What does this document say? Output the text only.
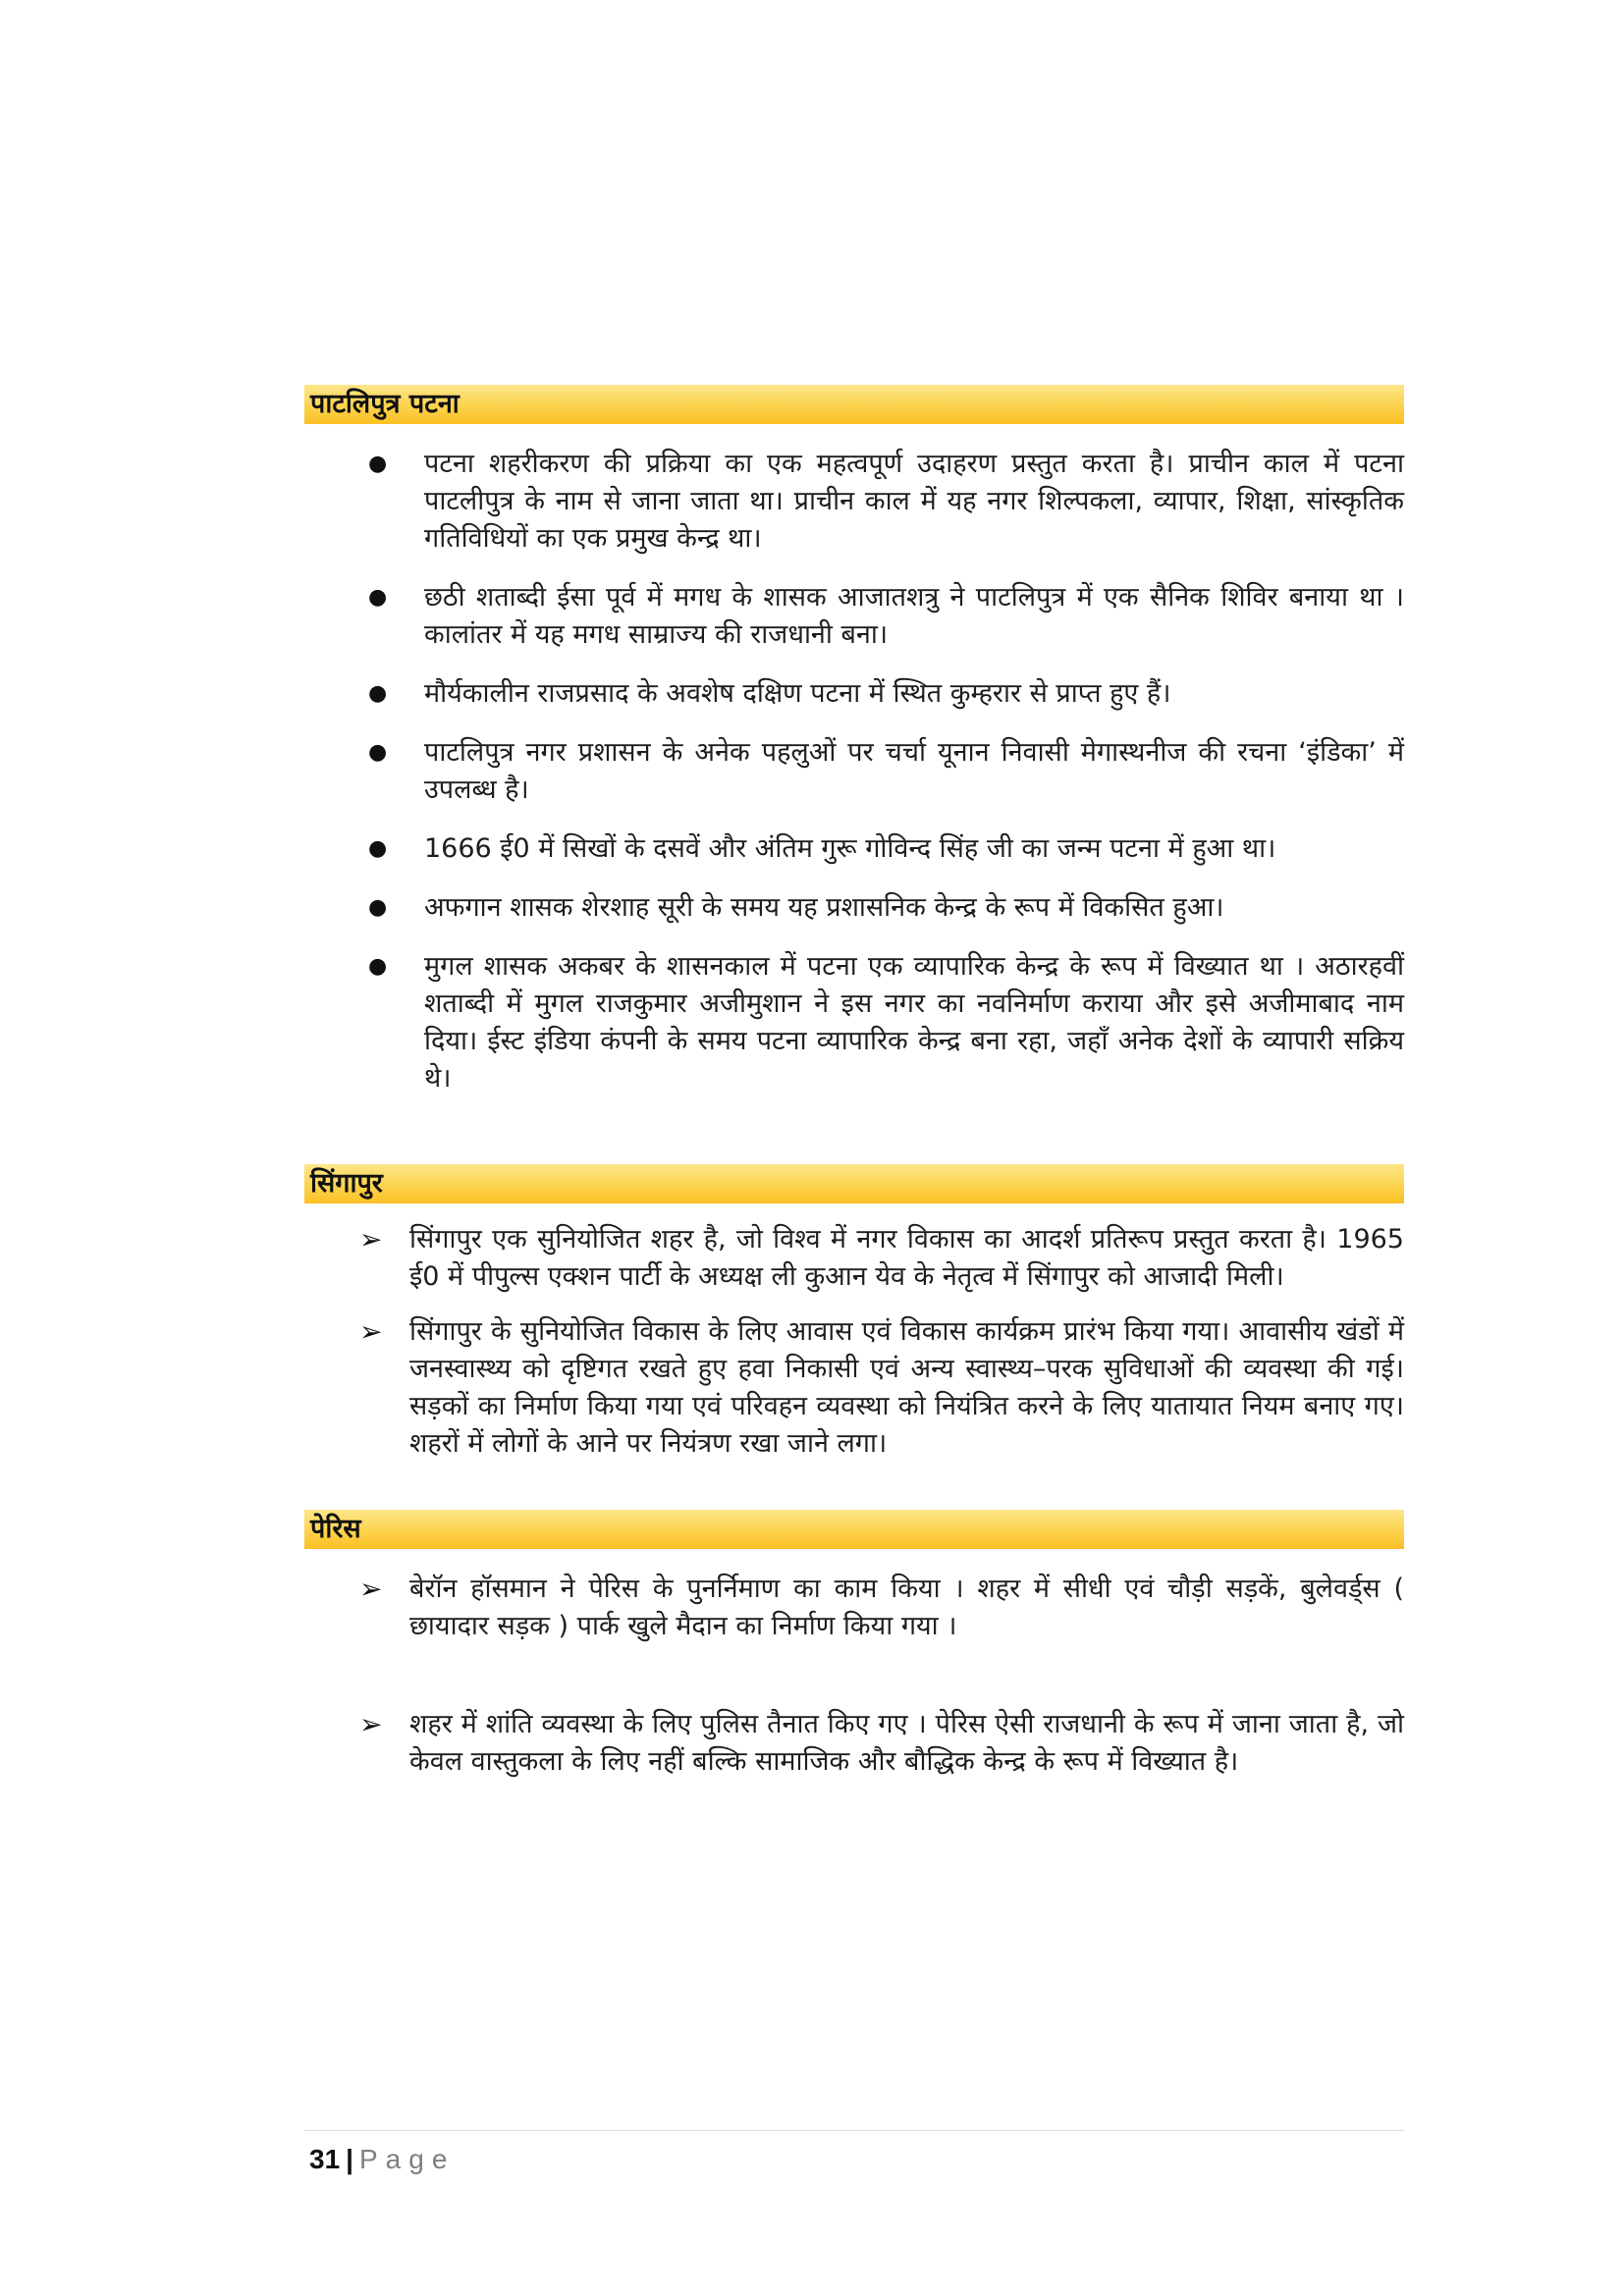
पाटलिपुत्र पटना
● पटना शहरीकरण की प्रक्रिया का एक महत्वपूर्ण उदाहरण प्रस्तुत करता है। प्राचीन काल में पटना पाटलीपुत्र के नाम से जाना जाता था। प्राचीन काल में यह नगर शिल्पकला, व्यापार, शिक्षा, सांस्कृतिक गतिविधियों का एक प्रमुख केन्द्र था।
● छठी शताब्दी ईसा पूर्व में मगध के शासक आजातशत्रु ने पाटलिपुत्र में एक सैनिक शिविर बनाया था । कालांतर में यह मगध साम्राज्य की राजधानी बना।
● मौर्यकालीन राजप्रसाद के अवशेष दक्षिण पटना में स्थित कुम्हरार से प्राप्त हुए हैं।
● पाटलिपुत्र नगर प्रशासन के अनेक पहलुओं पर चर्चा यूनान निवासी मेगास्थनीज की रचना ‘इंडिका’ में उपलब्ध है।
● 1666 ई0 में सिखों के दसवें और अंतिम गुरू गोविन्द सिंह जी का जन्म पटना में हुआ था।
● अफगान शासक शेरशाह सूरी के समय यह प्रशासनिक केन्द्र के रूप में विकसित हुआ।
● मुगल शासक अकबर के शासनकाल में पटना एक व्यापारिक केन्द्र के रूप में विख्यात था । अठारहवीं शताब्दी में मुगल राजकुमार अजीमुशान ने इस नगर का नवनिर्माण कराया और इसे अजीमाबाद नाम दिया। ईस्ट इंडिया कंपनी के समय पटना व्यापारिक केन्द्र बना रहा, जहाँ अनेक देशों के व्यापारी सक्रिय थे।
सिंगापुर
➢ सिंगापुर एक सुनियोजित शहर है, जो विश्व में नगर विकास का आदर्श प्रतिरूप प्रस्तुत करता है। 1965 ई0 में पीपुल्स एक्शन पार्टी के अध्यक्ष ली कुआन येव के नेतृत्व में सिंगापुर को आजादी मिली।
➢ सिंगापुर के सुनियोजित विकास के लिए आवास एवं विकास कार्यक्रम प्रारंभ किया गया। आवासीय खंडों में जनस्वास्थ्य को दृष्टिगत रखते हुए हवा निकासी एवं अन्य स्वास्थ्य–परक सुविधाओं की व्यवस्था की गई। सड़कों का निर्माण किया गया एवं परिवहन व्यवस्था को नियंत्रित करने के लिए यातायात नियम बनाए गए। शहरों में लोगों के आने पर नियंत्रण रखा जाने लगा।
पेरिस
➢ बेरॉन हॉसमान ने पेरिस के पुनर्निमाण का काम किया । शहर में सीधी एवं चौड़ी सड़कें, बुलेवर्ड्स ( छायादार सड़क ) पार्क खुले मैदान का निर्माण किया गया ।
➢ शहर में शांति व्यवस्था के लिए पुलिस तैनात किए गए । पेरिस ऐसी राजधानी के रूप में जाना जाता है, जो केवल वास्तुकला के लिए नहीं बल्कि सामाजिक और बौद्धिक केन्द्र के रूप में विख्यात है।
31 | Page
